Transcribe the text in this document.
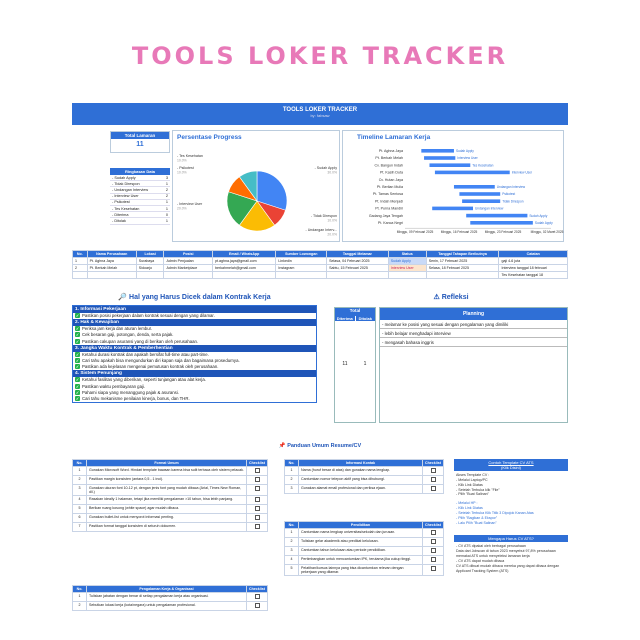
TOOLS LOKER TRACKER
TOOLS LOKER TRACKER
by: fabsaw
Total Lamaran
11
Ringkasan Data
- Sudah Apply	3
- Tidak Direspon	1
- Undangan Interview	2
- Interview User	2
- Psikotest	1
- Tes Kesehatan	1
- Diterima	0
- Ditolak	1
Persentase Progress
- Tes Kesehatan
10.0%
- Psikotest
10.0%
- Sudah Apply
30.0%
- Interview User
20.0%
- Tidak Direspon
10.0%
- Undangan Interv...
20.0%
Timeline Lamaran Kerja
Pt. Aghna Jaya	Sudah Apply
Pt. Berkah Melah	Interview User
Cv. Bangun Indah	Tes Kesehatan
Pt. Kasih Duta	Interview User
Cv. Hutan Jaya
Pt. Berlian Mulia	Undangan Interview
Pt. Tamas Sentosa	Psikotest
Pt. Indah Menjadi	Tidak Direspon
Pt. Purna Mandiri	Undangan Interview
Gadang Jaya Tengah	Sudah Apply
Pt. Kanca Negri	Sudah Apply
Minggu, 09 Februari 2025 Minggu, 16 Februari 2025 Minggu, 23 Februari 2025	Minggu, 02 Maret 2025
No.	Nama Perusahaan	Lokasi	Posisi	Email / WhatsApp	Sumber Lowongan	Tanggal Melamar	Status	Tanggal Tahapan Berikutnya	Catatan
1	Pt. Aghna Jaya	Surabaya	Admin Penjualan	pt.aghna.jaya@gmail.com	Linkedin	Selasa, 04 Februari 2025	Sudah Apply	Senin, 17 Februari 2025	gaji 4-6 juta
2	Pt. Berkah Melah	Sidoarjo	Admin Marketplace	berkahmelah@gmail.com	Instagram	Sabtu, 15 Februari 2025	Interview User	Selasa, 18 Februari 2025	Interview tanggal 18 februari
									Tes Kesehatan tanggal 18
🔎 Hal yang Harus Dicek dalam Kontrak Kerja
1. Informasi Pekerjaan
✓ Pastikan posisi pekerjaan dalam kontrak sesuai dengan yang dilamar.
2. Hak & Kewajiban
✓ Periksa jam kerja dan aturan lembur.
✓ Cek besaran gaji, potongan, denda, serta pajak.
✓ Pastikan cakupan asuransi yang di berikan oleh perusahaan.
3. Jangka Waktu Kontrak & Pemberhentian
✓ Ketahui durasi kontrak dan apakah bersifat full-time atau part-time.
✓ Cari tahu apakah bisa mengundurkan diri kapan saja dan bagaimana prosedurnya.
✓ Pastikan ada kejelasan mengenai pemutusan kontrak oleh perusahaan.
4. Sistem Penunjang
✓ Ketahui fasilitas yang diberikan, seperti tunjangan atau alat kerja.
✓ Pastikan waktu pembayaran gaji.
✓ Pahami siapa yang menanggung pajak & asuransi.
✓ Cari tahu mekanisme penilaian kinerja, bonus, dan THR.
⚠ Refleksi
Total
Diterima	Ditolak
11	1
Planning
- melamar ke posisi yang sesuai dengan pengalaman yang dimiliki
- lebih belajar menghadapi interview
- mengasah bahasa inggris
📌 Panduan Umum Resume/CV
No.	Format Umum	Checklist
1	Gunakan Microsoft Word. Hindari template bawaan karena bisa sulit terbaca oleh sistem pelacak.	
2	Pastikan margin konsisten (antara 0,5 - 1 inci).	
3	Gunakan ukuran font 10-12 pt, dengan jenis font yang mudah dibaca (Arial, Times New Roman, dll.)	
4	Rasakan ideally 1 halaman, tetapi jika memiliki pengalaman >10 tahun, bisa lebih panjang.	
5	Berikan ruang kosong (white space) agar mudah dibaca.	
6	Gunakan bullet-list untuk menyorot informasi penting.	
7	Pastikan format tanggal konsisten di seluruh dokumen.	
No.	Informasi Kontak	Checklist
1	Nama (huruf besar di atas) dan gunakan nama lengkap.	
2	Cantumkan nomor telepon aktif yang bisa dihubungi.	
3	Gunakan alamat email profesional dan periksa ejaan.	
No.	Pendidikan	Checklist
1	Cantumkan nama lengkap universitas/sekolah dan jurusan.	
2	Tuliskan gelar akademik atau predikat kelulusan.	
3	Cantumkan tahun kelulusan atau periode pendidikan.	
4	Pertimbangkan untuk mencantumkan IPK, terutama jika cukup tinggi.	
5	Pelatihan/kursus lainnya yang bisa dicantumkan relevan dengan pekerjaan yang dilamar.	
No.	Pengalaman Kerja & Organisasi	Checklist
1	Tuliskan jabatan dengan benar di setiap pengalaman kerja atau organisasi.	
2	Sebutkan lokasi kerja (kota/negara) untuk pengalaman profesional.	
Contoh Template CV ATS
(Klik Disini)
Akses Template CV :
- Melalui Laptop/PC
- Klik Link Diatas
- Setelah Terbuka klik "File"
- Pilih "Buat Salinan"
- Melalui HP :
- Klik Link Diatas
- Setelah Terbuka Klik Titik 3 Dipojok Kanan Atas
- Pilih "Bagikan & Ekspor"
- Lalu Pilih "Buat Salinan"
Mengapa Harus CV ATS?
- CV ATS dipakai oleh berbagai perusahaan
Data dari Jobscan di tahun 2023 menyebut 97,8% perusahaan memakai ATS untuk menyeleksi lamaran kerja
- CV ATS dapat mudah dibaca
CV ATS dibuat mudah dibaca mereka yang dapat dibaca dengan Applicant Tracking System (ATS)
